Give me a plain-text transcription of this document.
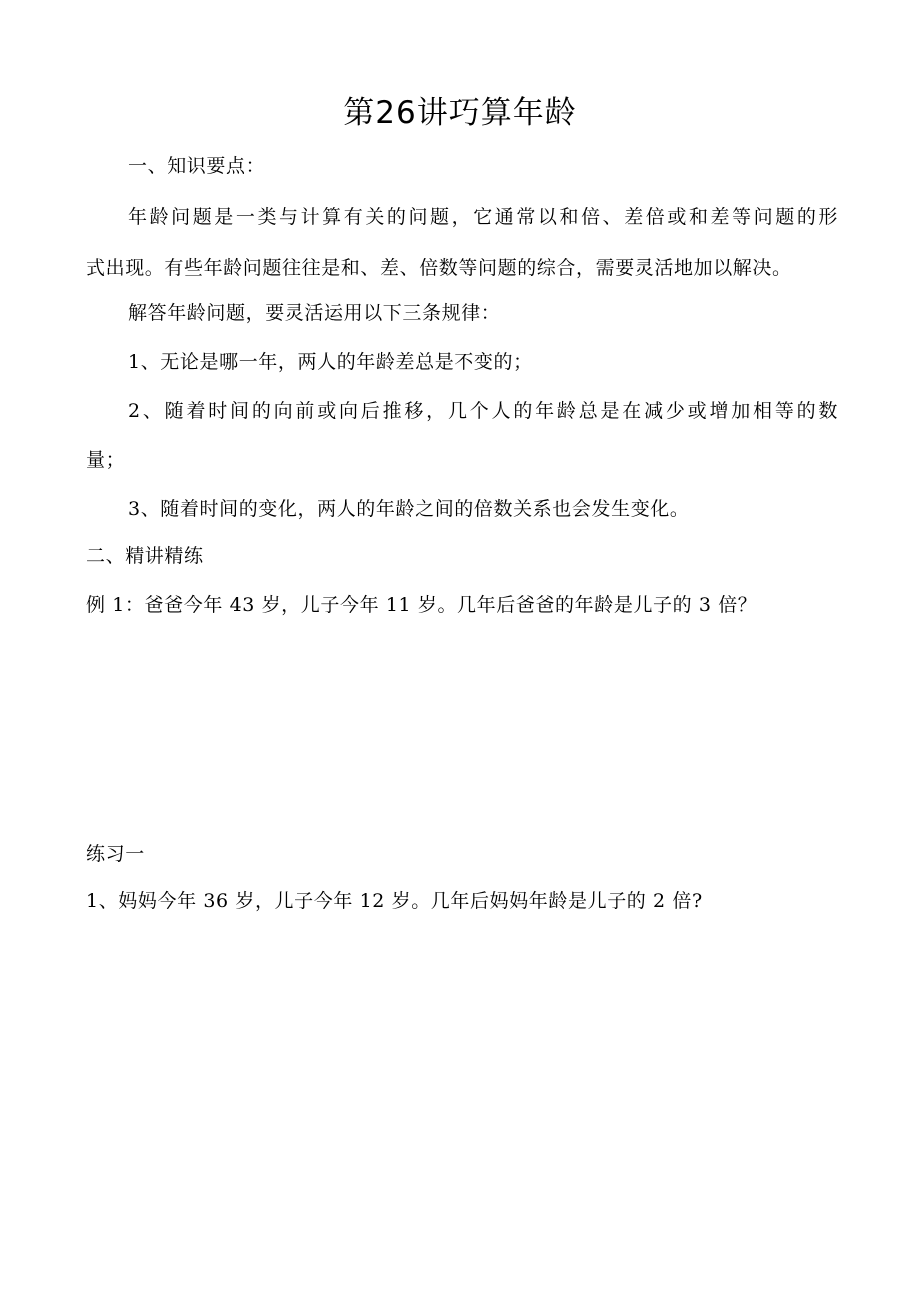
第26讲巧算年龄
一、知识要点：
年龄问题是一类与计算有关的问题，它通常以和倍、差倍或和差等问题的形
式出现。有些年龄问题往往是和、差、倍数等问题的综合，需要灵活地加以解决。
解答年龄问题，要灵活运用以下三条规律：
1、无论是哪一年，两人的年龄差总是不变的；
2、随着时间的向前或向后推移，几个人的年龄总是在减少或增加相等的数
量；
3、随着时间的变化，两人的年龄之间的倍数关系也会发生变化。
二、精讲精练
例 1：爸爸今年 43 岁，儿子今年 11 岁。几年后爸爸的年龄是儿子的 3 倍？
练习一
1、妈妈今年 36 岁，儿子今年 12 岁。几年后妈妈年龄是儿子的 2 倍?
